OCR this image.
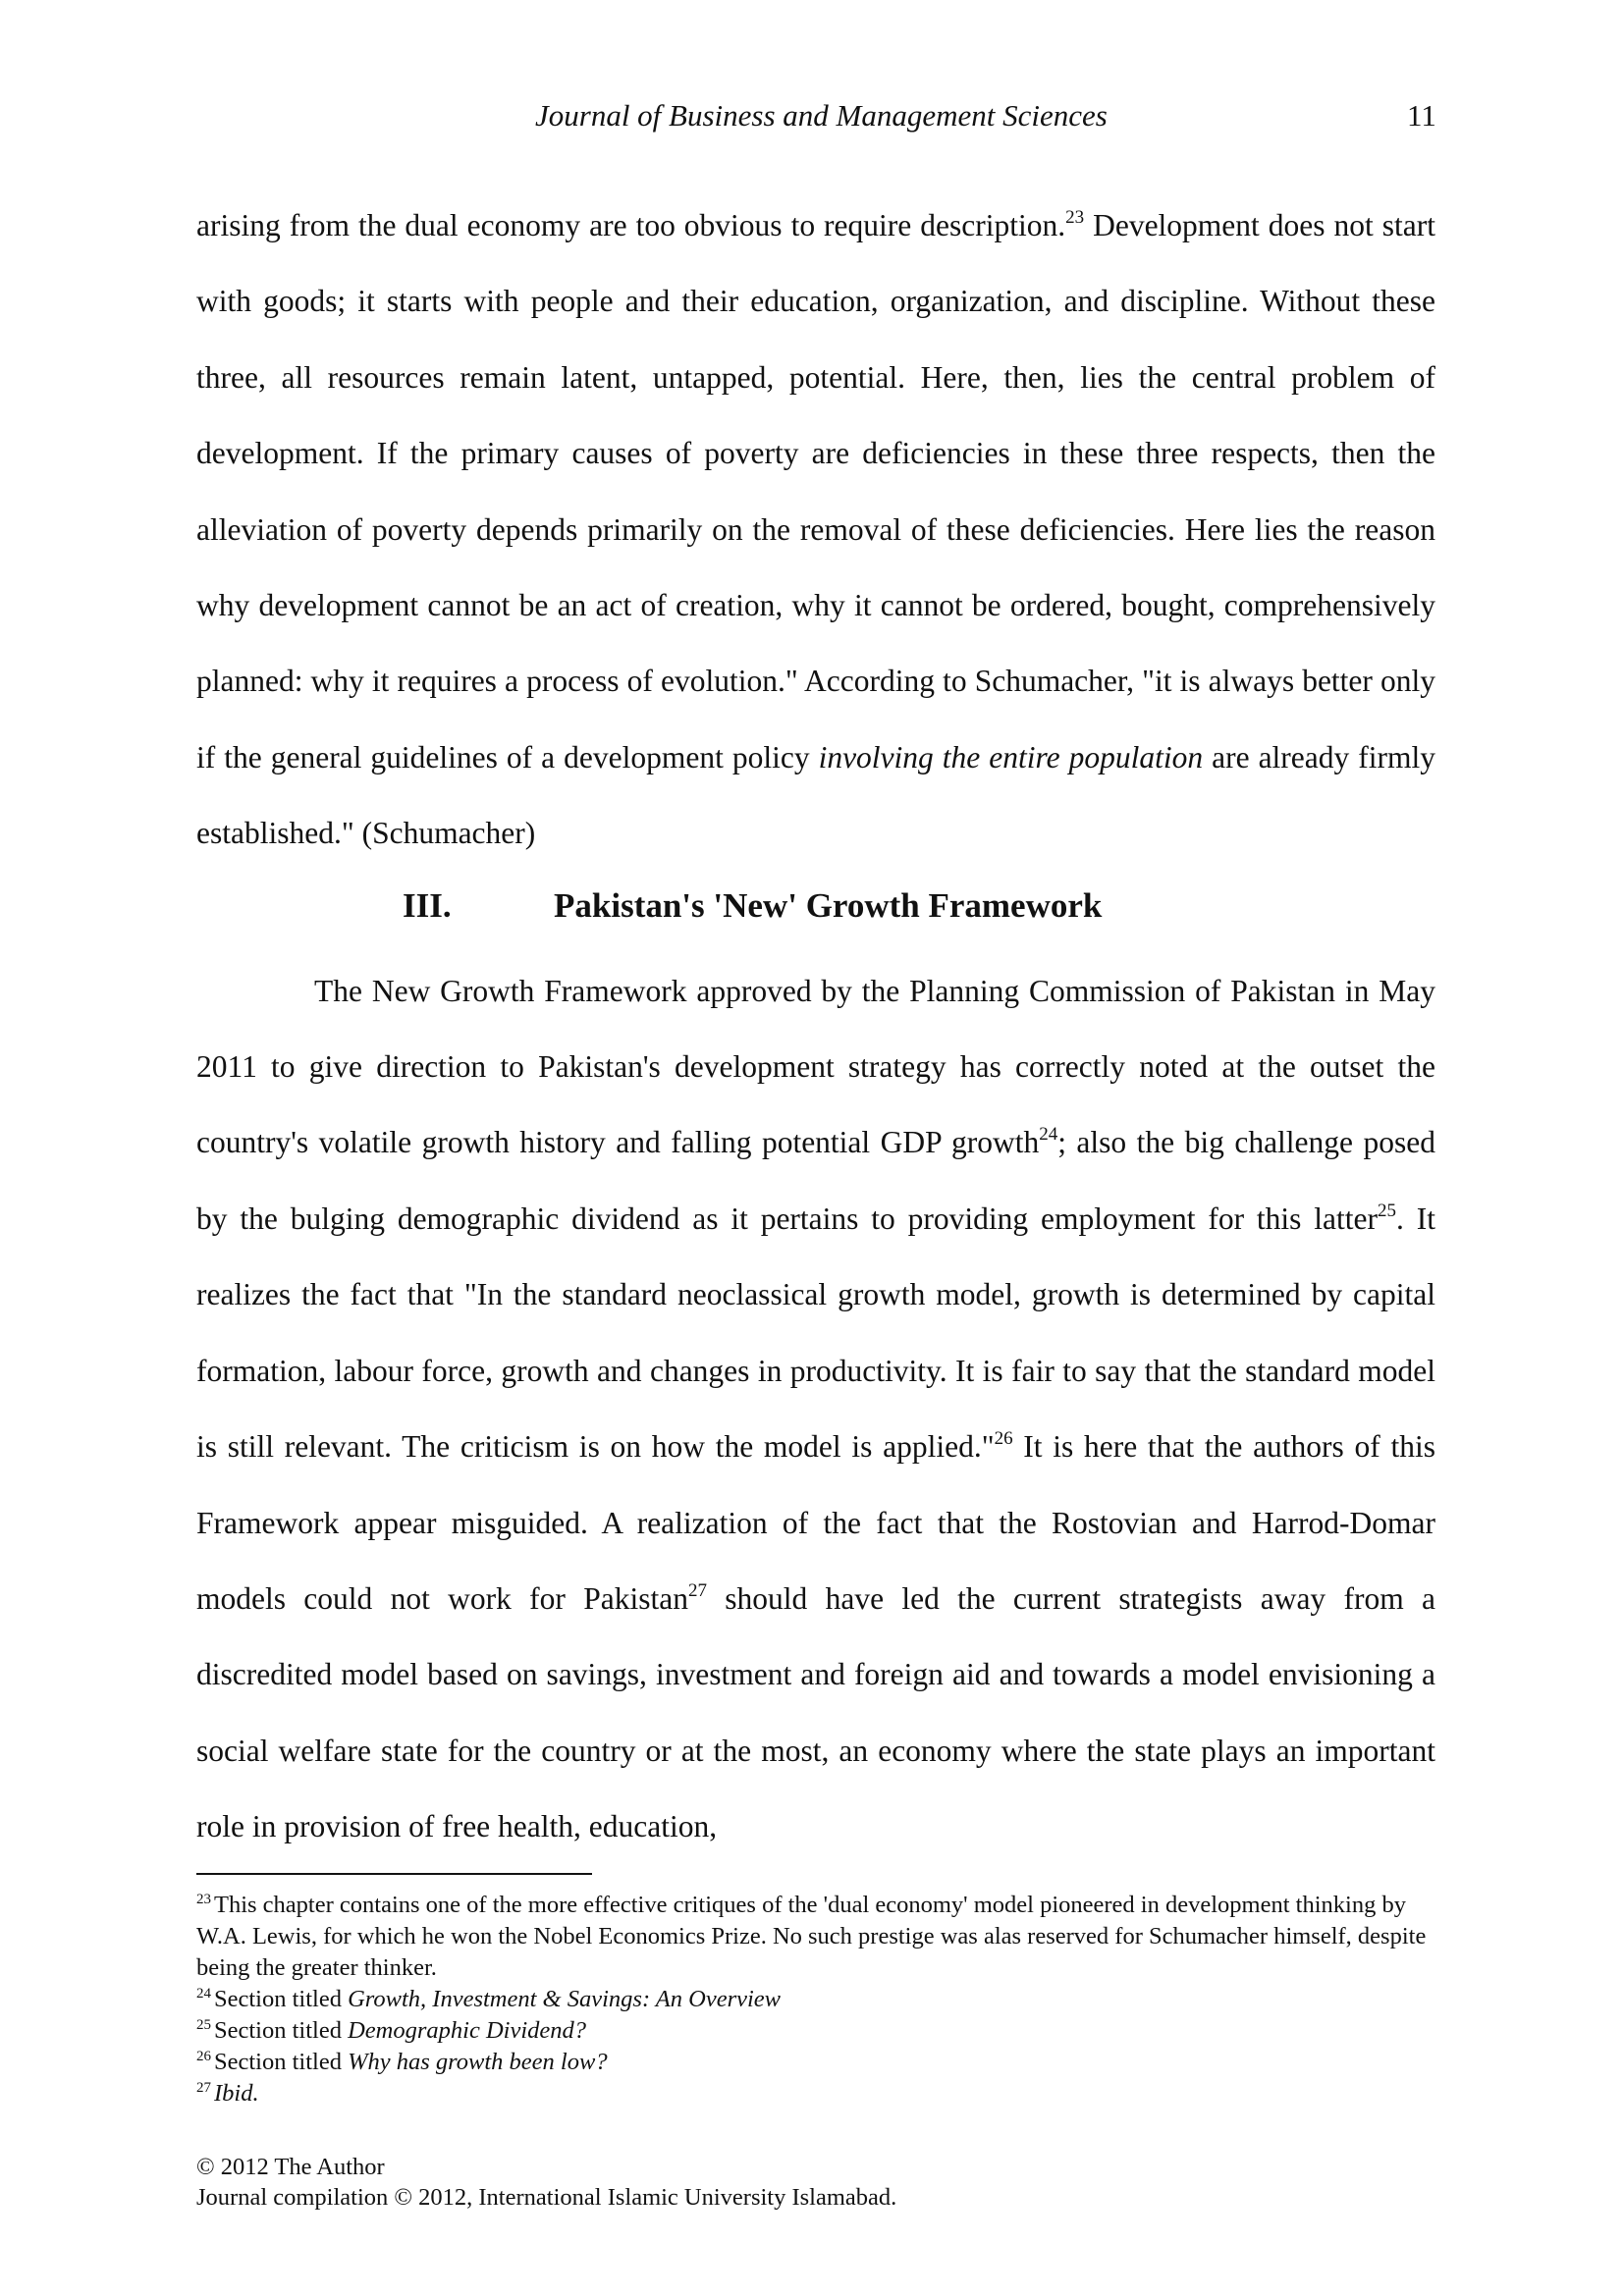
Journal of Business and Management Sciences	11

arising from the dual economy are too obvious to require description.$^{23}$ Development does not start with goods; it starts with people and their education, organization, and discipline. Without these three, all resources remain latent, untapped, potential. Here, then, lies the central problem of development. If the primary causes of poverty are deficiencies in these three respects, then the alleviation of poverty depends primarily on the removal of these deficiencies. Here lies the reason why development cannot be an act of creation, why it cannot be ordered, bought, comprehensively planned: why it requires a process of evolution." According to Schumacher, "it is always better only if the general guidelines of a development policy involving the entire population are already firmly established." (Schumacher)

III.	Pakistan's 'New' Growth Framework

The New Growth Framework approved by the Planning Commission of Pakistan in May 2011 to give direction to Pakistan's development strategy has correctly noted at the outset the country's volatile growth history and falling potential GDP growth$^{24}$; also the big challenge posed by the bulging demographic dividend as it pertains to providing employment for this latter$^{25}$. It realizes the fact that "In the standard neoclassical growth model, growth is determined by capital formation, labour force, growth and changes in productivity. It is fair to say that the standard model is still relevant. The criticism is on how the model is applied."$^{26}$ It is here that the authors of this Framework appear misguided. A realization of the fact that the Rostovian and Harrod-Domar models could not work for Pakistan$^{27}$ should have led the current strategists away from a discredited model based on savings, investment and foreign aid and towards a model envisioning a social welfare state for the country or at the most, an economy where the state plays an important role in provision of free health, education,

$^{23}$ This chapter contains one of the more effective critiques of the 'dual economy' model pioneered in development thinking by W.A. Lewis, for which he won the Nobel Economics Prize. No such prestige was alas reserved for Schumacher himself, despite being the greater thinker.

$^{24}$ Section titled Growth, Investment & Savings: An Overview

$^{25}$ Section titled Demographic Dividend?

$^{26}$ Section titled Why has growth been low?

$^{27}$ Ibid.

© 2012 The Author

Journal compilation © 2012, International Islamic University Islamabad.
